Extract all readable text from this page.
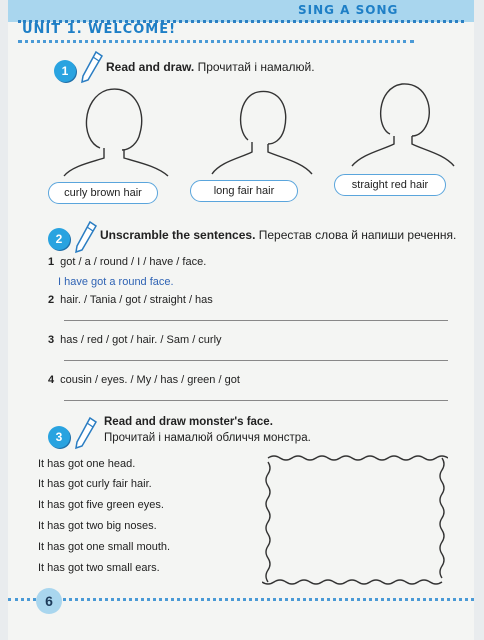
SING A SONG
UNIT 1. WELCOME!
1	Read and draw. Прочитай і намалюй.
curly brown hair	long fair hair	straight red hair
2	Unscramble the sentences. Перестав слова й напиши речення.
1 got / a / round / I / have / face.
I have got a round face.
2 hair. / Tania / got / straight / has
3 has / red / got / hair. / Sam / curly
4 cousin / eyes. / My / has / green / got
3
Read and draw monster's face.
Прочитай і намалюй обличчя монстра.
It has got one head.
It has got curly fair hair.
It has got five green eyes.
It has got two big noses.
It has got one small mouth.
It has got two small ears.
6
